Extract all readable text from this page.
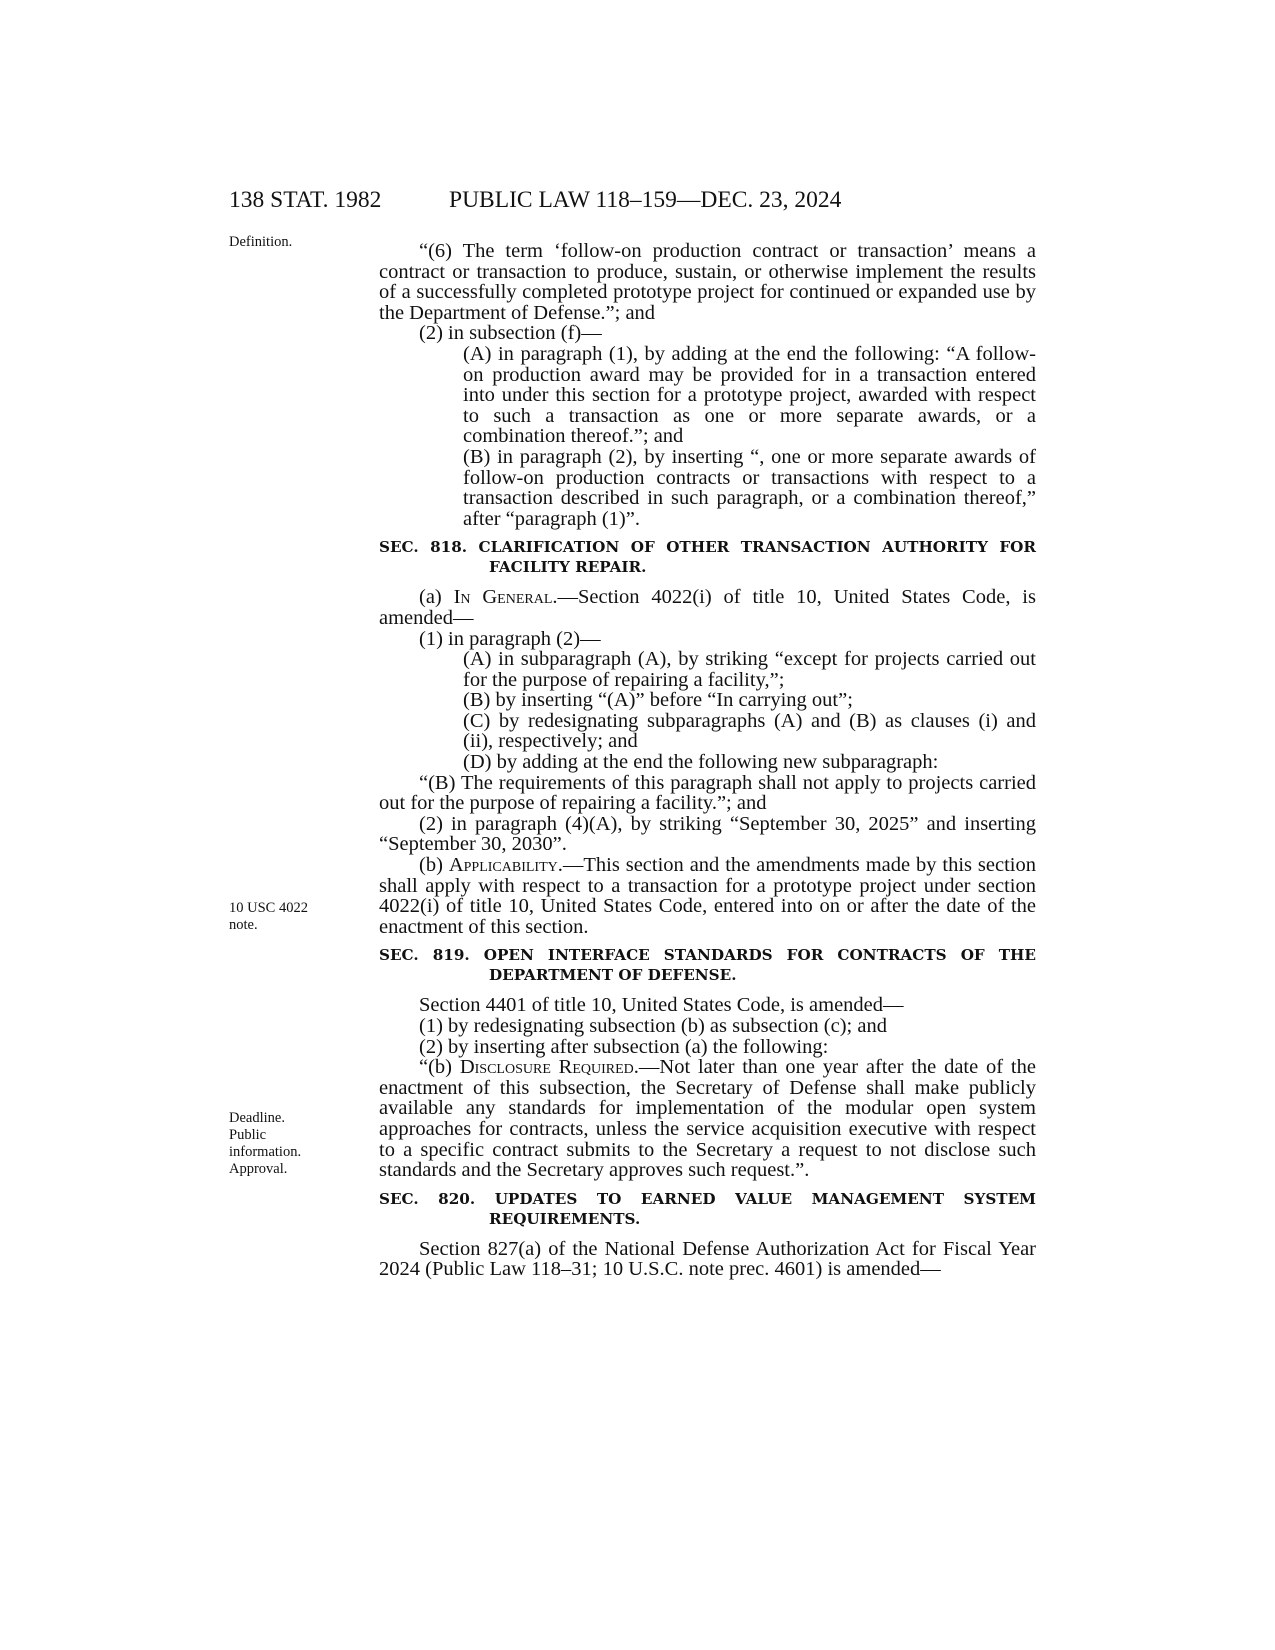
138 STAT. 1982	PUBLIC LAW 118–159—DEC. 23, 2024
Definition.
10 USC 4022
note.
Deadline.
Public
information.
Approval.

“(6) The term ‘follow-on production contract or transaction’ means a contract or transaction to produce, sustain, or otherwise implement the results of a successfully completed prototype project for continued or expanded use by the Department of Defense.”; and

(2) in subsection (f)—

(A) in paragraph (1), by adding at the end the following: “A follow-on production award may be provided for in a transaction entered into under this section for a prototype project, awarded with respect to such a transaction as one or more separate awards, or a combination thereof.”; and

(B) in paragraph (2), by inserting “, one or more separate awards of follow-on production contracts or transactions with respect to a transaction described in such paragraph, or a combination thereof,” after “paragraph (1)”.

SEC. 818. CLARIFICATION OF OTHER TRANSACTION AUTHORITY FOR FACILITY REPAIR.

(a) In General.—Section 4022(i) of title 10, United States Code, is amended—

(1) in paragraph (2)—

(A) in subparagraph (A), by striking “except for projects carried out for the purpose of repairing a facility,”;

(B) by inserting “(A)” before “In carrying out”;

(C) by redesignating subparagraphs (A) and (B) as clauses (i) and (ii), respectively; and

(D) by adding at the end the following new subparagraph:

“(B) The requirements of this paragraph shall not apply to projects carried out for the purpose of repairing a facility.”; and

(2) in paragraph (4)(A), by striking “September 30, 2025” and inserting “September 30, 2030”.

(b) Applicability.—This section and the amendments made by this section shall apply with respect to a transaction for a prototype project under section 4022(i) of title 10, United States Code, entered into on or after the date of the enactment of this section.

SEC. 819. OPEN INTERFACE STANDARDS FOR CONTRACTS OF THE DEPARTMENT OF DEFENSE.

Section 4401 of title 10, United States Code, is amended—

(1) by redesignating subsection (b) as subsection (c); and

(2) by inserting after subsection (a) the following:

“(b) Disclosure Required.—Not later than one year after the date of the enactment of this subsection, the Secretary of Defense shall make publicly available any standards for implementation of the modular open system approaches for contracts, unless the service acquisition executive with respect to a specific contract submits to the Secretary a request to not disclose such standards and the Secretary approves such request.”.

SEC. 820. UPDATES TO EARNED VALUE MANAGEMENT SYSTEM REQUIREMENTS.

Section 827(a) of the National Defense Authorization Act for Fiscal Year 2024 (Public Law 118–31; 10 U.S.C. note prec. 4601) is amended—
